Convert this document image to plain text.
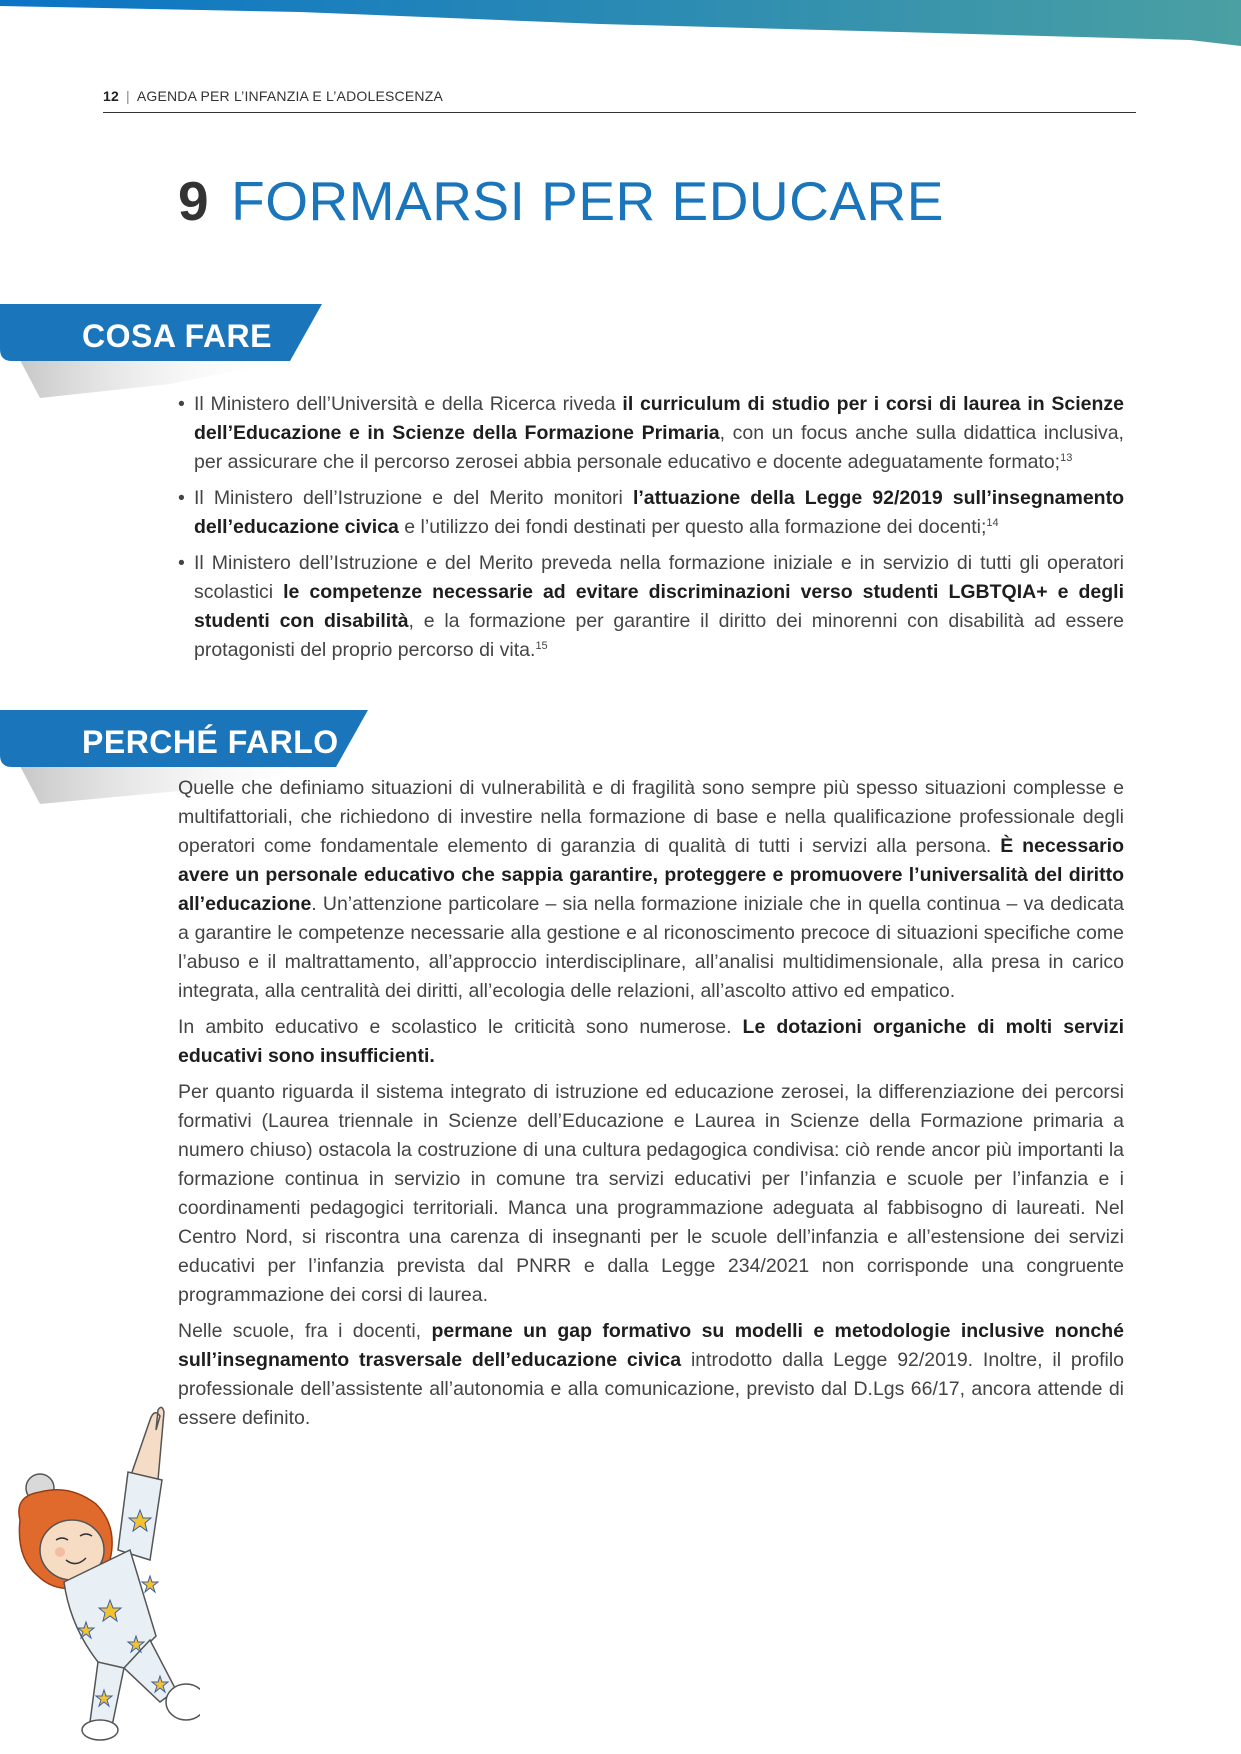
12 | AGENDA PER L’INFANZIA E L’ADOLESCENZA
9 FORMARSI PER EDUCARE
COSA FARE
• Il Ministero dell’Università e della Ricerca riveda il curriculum di studio per i corsi di laurea in Scienze dell’Educazione e in Scienze della Formazione Primaria, con un focus anche sulla didattica inclusiva, per assicurare che il percorso zerosei abbia personale educativo e docente adeguatamente formato;$^{13}$
• Il Ministero dell’Istruzione e del Merito monitori l’attuazione della Legge 92/2019 sull’insegnamento dell’educazione civica e l’utilizzo dei fondi destinati per questo alla formazione dei docenti;$^{14}$
• Il Ministero dell’Istruzione e del Merito preveda nella formazione iniziale e in servizio di tutti gli operatori scolastici le competenze necessarie ad evitare discriminazioni verso studenti LGBTQIA+ e degli studenti con disabilità, e la formazione per garantire il diritto dei minorenni con disabilità ad essere protagonisti del proprio percorso di vita.$^{15}$
PERCHÉ FARLO

Quelle che definiamo situazioni di vulnerabilità e di fragilità sono sempre più spesso situazioni complesse e multifattoriali, che richiedono di investire nella formazione di base e nella qualificazione professionale degli operatori come fondamentale elemento di garanzia di qualità di tutti i servizi alla persona. È necessario avere un personale educativo che sappia garantire, proteggere e promuovere l’universalità del diritto all’educazione. Un’attenzione particolare – sia nella formazione iniziale che in quella continua – va dedicata a garantire le competenze necessarie alla gestione e al riconoscimento precoce di situazioni specifiche come l’abuso e il maltrattamento, all’approccio interdisciplinare, all’analisi multidimensionale, alla presa in carico integrata, alla centralità dei diritti, all’ecologia delle relazioni, all’ascolto attivo ed empatico.

In ambito educativo e scolastico le criticità sono numerose. Le dotazioni organiche di molti servizi educativi sono insufficienti.

Per quanto riguarda il sistema integrato di istruzione ed educazione zerosei, la differenziazione dei percorsi formativi (Laurea triennale in Scienze dell’Educazione e Laurea in Scienze della Formazione primaria a numero chiuso) ostacola la costruzione di una cultura pedagogica condivisa: ciò rende ancor più importanti la formazione continua in servizio in comune tra servizi educativi per l’infanzia e scuole per l’infanzia e i coordinamenti pedagogici territoriali. Manca una programmazione adeguata al fabbisogno di laureati. Nel Centro Nord, si riscontra una carenza di insegnanti per le scuole dell’infanzia e all’estensione dei servizi educativi per l’infanzia prevista dal PNRR e dalla Legge 234/2021 non corrisponde una congruente programmazione dei corsi di laurea.

Nelle scuole, fra i docenti, permane un gap formativo su modelli e metodologie inclusive nonché sull’insegnamento trasversale dell’educazione civica introdotto dalla Legge 92/2019. Inoltre, il profilo professionale dell’assistente all’autonomia e alla comunicazione, previsto dal D.Lgs 66/17, ancora attende di essere definito.
